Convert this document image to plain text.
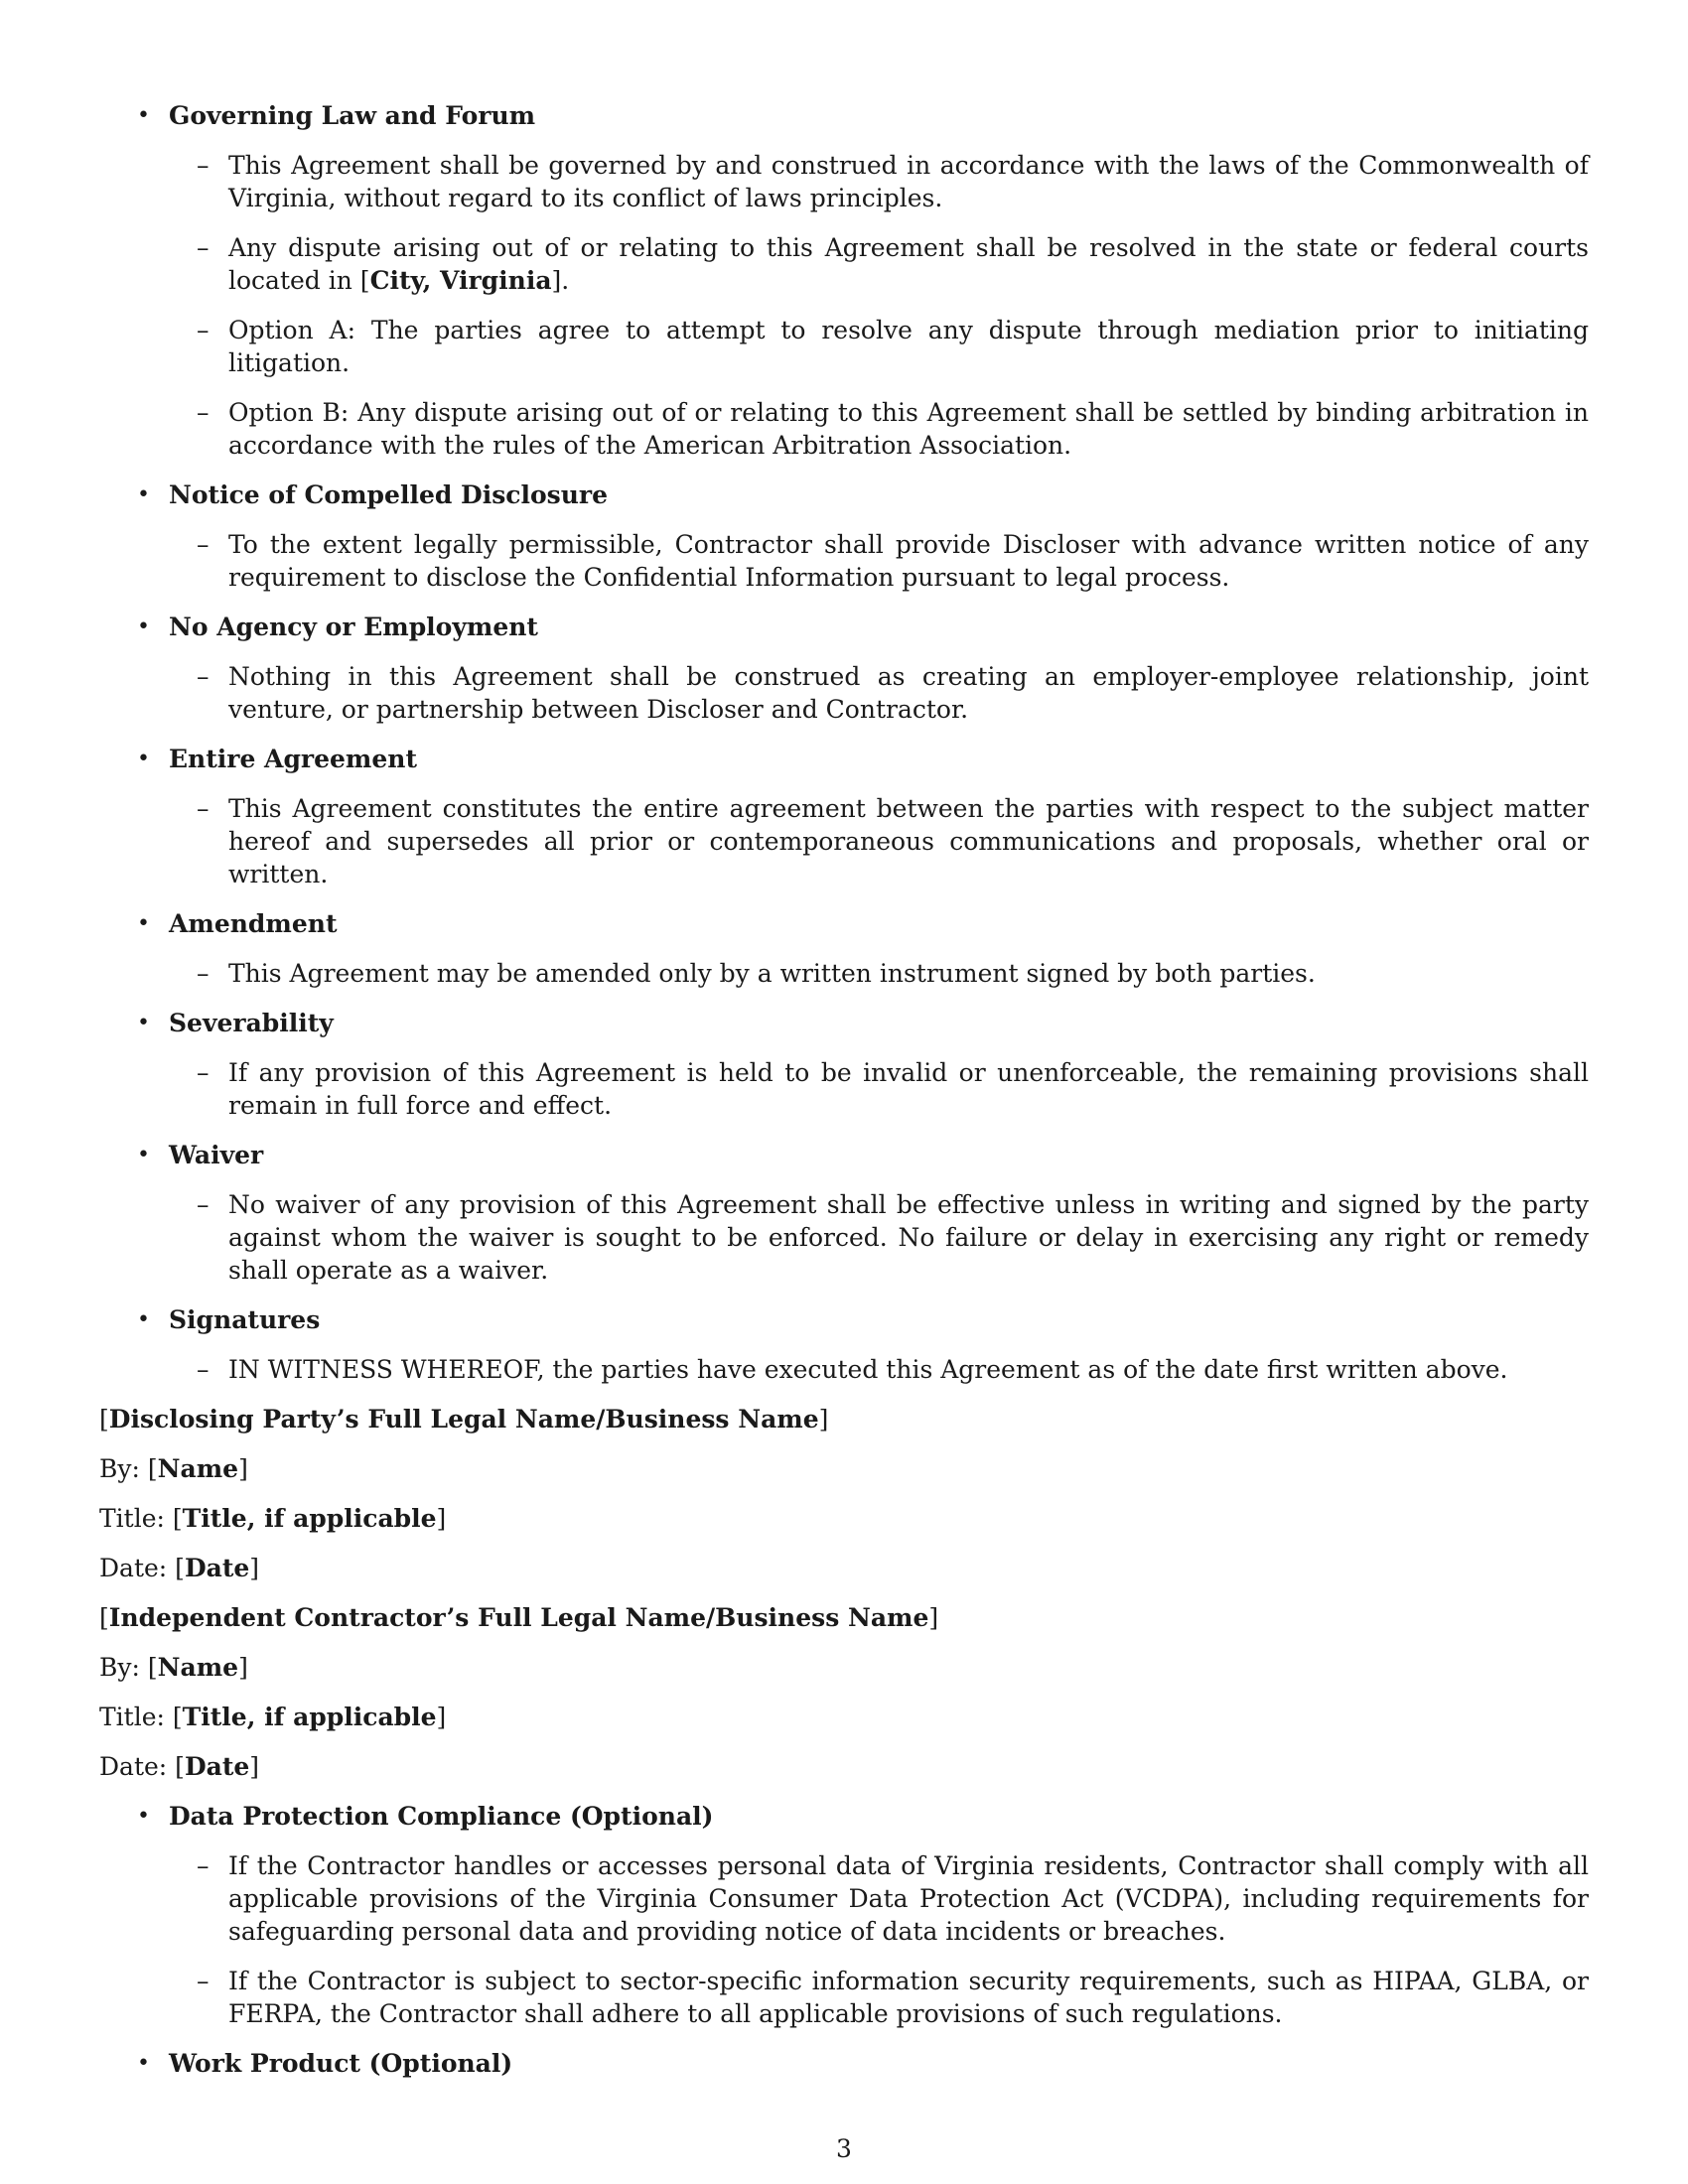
• Governing Law and Forum
– This Agreement shall be governed by and construed in accordance with the laws of the Commonwealth of Virginia, without regard to its conflict of laws principles.
– Any dispute arising out of or relating to this Agreement shall be resolved in the state or federal courts located in [City, Virginia].
– Option A: The parties agree to attempt to resolve any dispute through mediation prior to initiating litigation.
– Option B: Any dispute arising out of or relating to this Agreement shall be settled by binding arbitration in accordance with the rules of the American Arbitration Association.
• Notice of Compelled Disclosure
– To the extent legally permissible, Contractor shall provide Discloser with advance written notice of any requirement to disclose the Confidential Information pursuant to legal process.
• No Agency or Employment
– Nothing in this Agreement shall be construed as creating an employer-employee relationship, joint venture, or partnership between Discloser and Contractor.
• Entire Agreement
– This Agreement constitutes the entire agreement between the parties with respect to the subject matter hereof and supersedes all prior or contemporaneous communications and proposals, whether oral or written.
• Amendment
– This Agreement may be amended only by a written instrument signed by both parties.
• Severability
– If any provision of this Agreement is held to be invalid or unenforceable, the remaining provisions shall remain in full force and effect.
• Waiver
– No waiver of any provision of this Agreement shall be effective unless in writing and signed by the party against whom the waiver is sought to be enforced. No failure or delay in exercising any right or remedy shall operate as a waiver.
• Signatures
– IN WITNESS WHEREOF, the parties have executed this Agreement as of the date first written above.
[Disclosing Party’s Full Legal Name/Business Name]
By: [Name]
Title: [Title, if applicable]
Date: [Date]
[Independent Contractor’s Full Legal Name/Business Name]
By: [Name]
Title: [Title, if applicable]
Date: [Date]
• Data Protection Compliance (Optional)
– If the Contractor handles or accesses personal data of Virginia residents, Contractor shall comply with all applicable provisions of the Virginia Consumer Data Protection Act (VCDPA), including requirements for safeguarding personal data and providing notice of data incidents or breaches.
– If the Contractor is subject to sector-specific information security requirements, such as HIPAA, GLBA, or FERPA, the Contractor shall adhere to all applicable provisions of such regulations.
• Work Product (Optional)
3
